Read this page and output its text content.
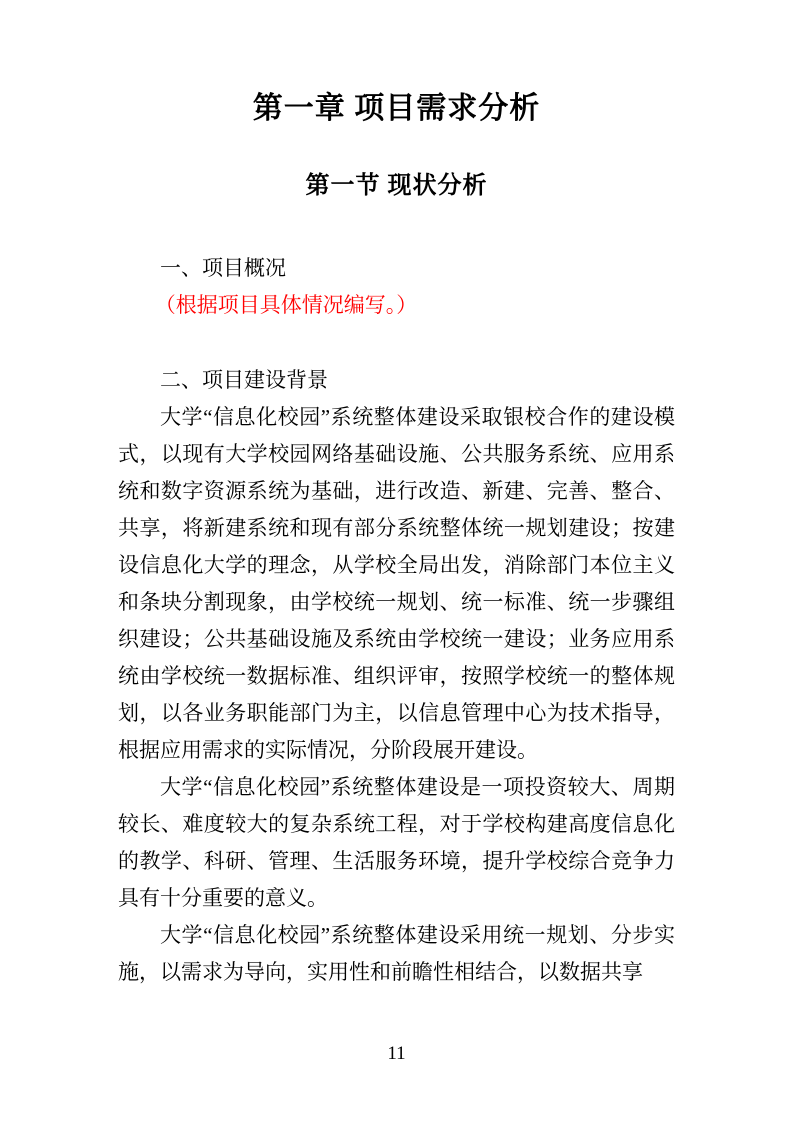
第一章 项目需求分析
第一节 现状分析

一、项目概况

（根据项目具体情况编写。）

二、项目建设背景

大学“信息化校园”系统整体建设采取银校合作的建设模式，以现有大学校园网络基础设施、公共服务系统、应用系统和数字资源系统为基础，进行改造、新建、完善、整合、共享，将新建系统和现有部分系统整体统一规划建设；按建设信息化大学的理念，从学校全局出发，消除部门本位主义和条块分割现象，由学校统一规划、统一标准、统一步骤组织建设；公共基础设施及系统由学校统一建设；业务应用系统由学校统一数据标准、组织评审，按照学校统一的整体规划，以各业务职能部门为主，以信息管理中心为技术指导，根据应用需求的实际情况，分阶段展开建设。

大学“信息化校园”系统整体建设是一项投资较大、周期较长、难度较大的复杂系统工程，对于学校构建高度信息化的教学、科研、管理、生活服务环境，提升学校综合竞争力具有十分重要的意义。

大学“信息化校园”系统整体建设采用统一规划、分步实施，以需求为导向，实用性和前瞻性相结合，以数据共享

11
